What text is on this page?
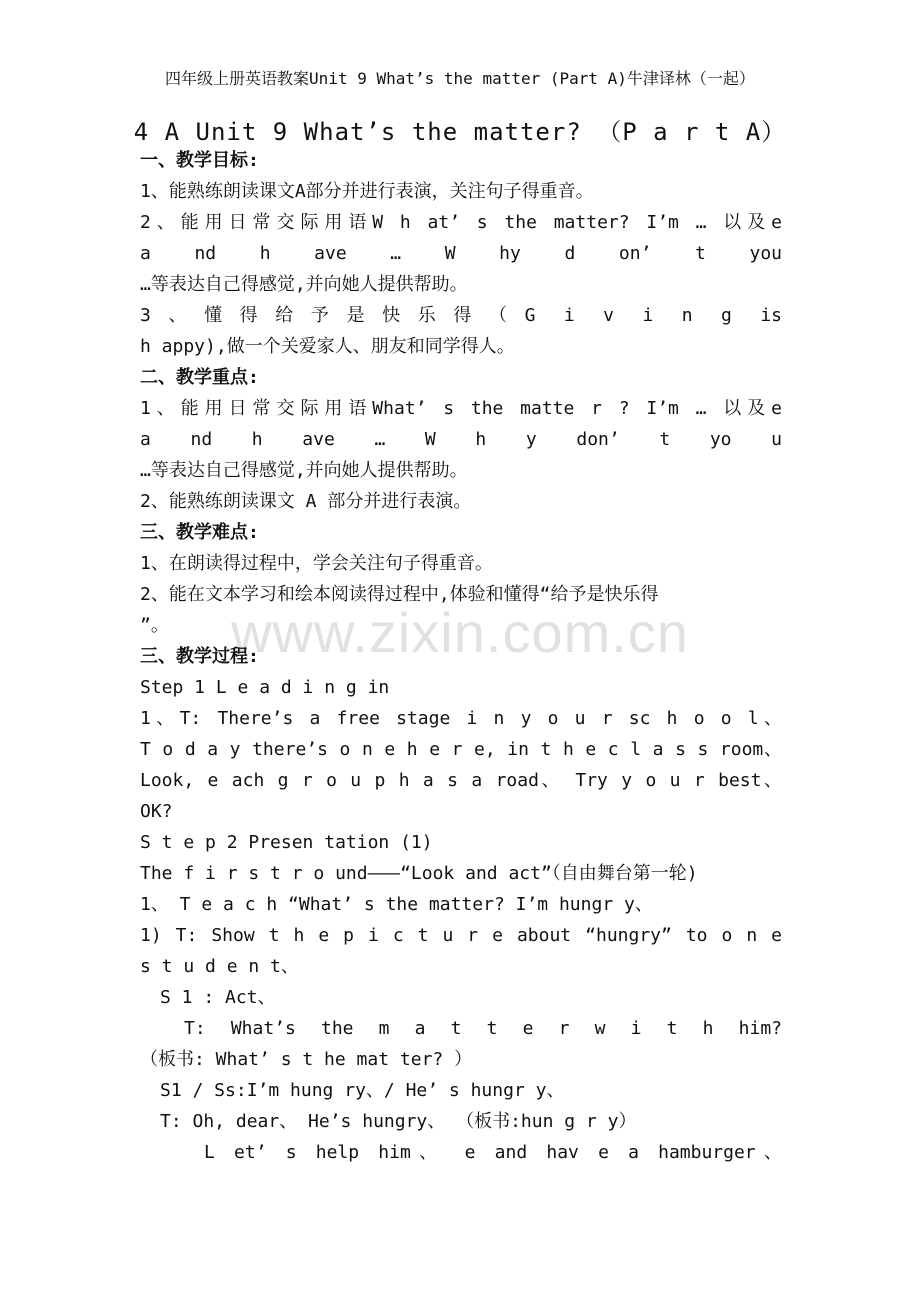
四年级上册英语教案Unit 9 What’s the matter (Part A)牛津译林（一起）
4 A Unit 9 What’s the matter? （P a r t A）
www.zixin.com.cn
一、教学目标:
1、能熟练朗读课文A部分并进行表演，关注句子得重音。
2、能用日常交际用语W h at’ s the matter? I’m … 以及e
a nd h ave … W hy d on’ t you
…等表达自己得感觉,并向她人提供帮助。
3、懂得给予是快乐得（G i v i n g is
h appy),做一个关爱家人、朋友和同学得人。
二、教学重点:
1、能用日常交际用语What’ s the matte r ? I’m … 以及e
a nd h ave … W h y don’ t yo u
…等表达自己得感觉,并向她人提供帮助。
2、能熟练朗读课文 A 部分并进行表演。
三、教学难点:
1、在朗读得过程中，学会关注句子得重音。
2、能在文本学习和绘本阅读得过程中,体验和懂得“给予是快乐得
”。
三、教学过程:
Step 1 L e a d i n g in
1、T: There’s a free stage i n y o u r sc h o o l、
T o d a y there’s o n e h e r e, in t h e c l a s s room、
Look, e ach g r o u p h a s a road、 Try y o u r best、
OK?
S t e p 2 Presen tation (1)
The f i r s t r o und———“Look and act”（自由舞台第一轮)
1、 T e a c h “What’ s the matter? I’m hungr y、
1) T: Show t h e p i c t u r e about “hungry” to o n e
s t u d e n t、
S 1 : Act、
T: What’s the m a t t e r w i t h him?
（板书: What’ s t he mat ter? ）
S1 / Ss:I’m hung ry、/ He’ s hungr y、
T: Oh, dear、 He’s hungry、 （板书:hun g r y）
L et’ s help him、 e and hav e a hamburger、
